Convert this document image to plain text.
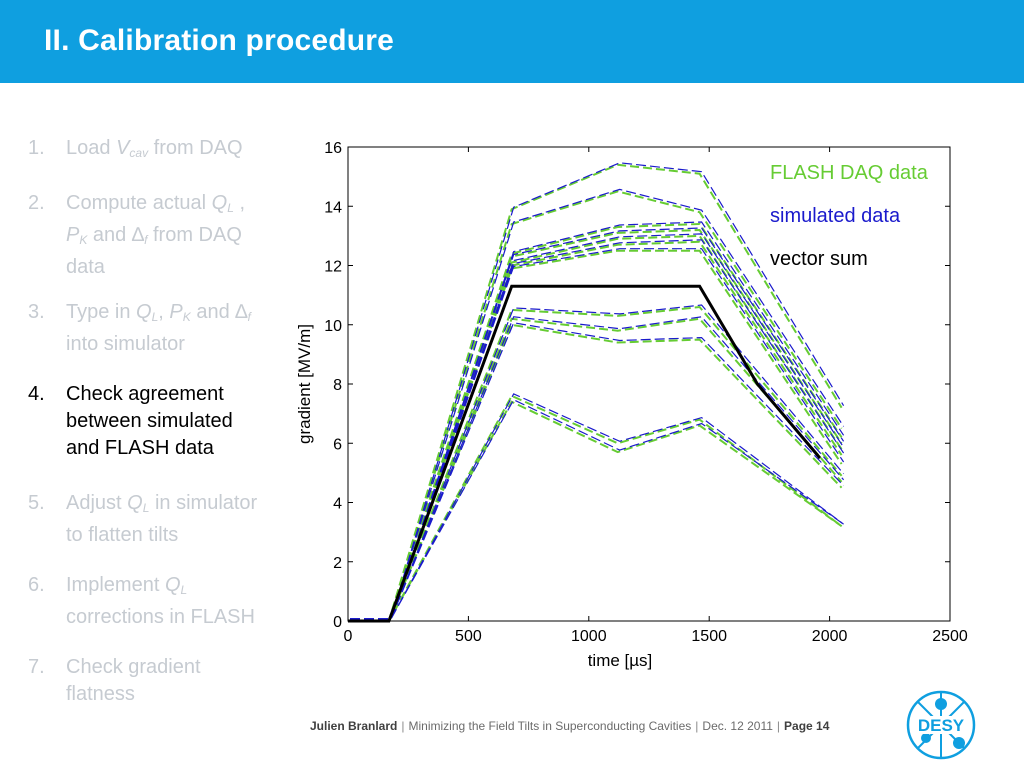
II. Calibration procedure
1.	Load $V_{cav}$ from DAQ
2.	Compute actual $Q_L$ ,
$P_K$ and $\Delta_f$ from DAQ
data
3.	Type in $Q_L$, $P_K$ and $\Delta_f$
into simulator
4.	Check agreement
between simulated
and FLASH data
5.	Adjust $Q_L$ in simulator
to flatten tilts
6.	Implement $Q_L$
corrections in FLASH
7.	Check gradient
flatness
0	500	1000	1500	2000	2500
0
2
4
6
8
10
12
14
16
time [µs]
gradient [MV/m]
FLASH DAQ data
simulated data
vector sum
Julien Branlard | Minimizing the Field Tilts in Superconducting Cavities | Dec. 12 2011 | Page 14	DESY
